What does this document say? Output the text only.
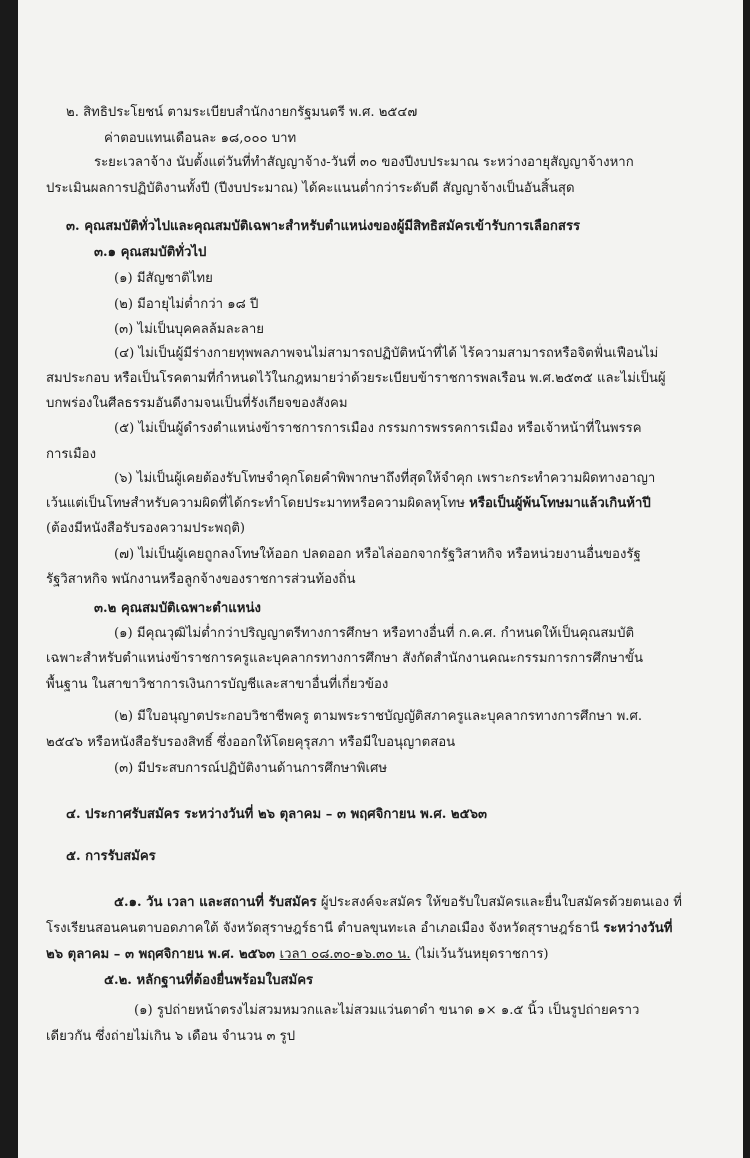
๒. สิทธิประโยชน์ ตามระเบียบสำนักงายกรัฐมนตรี พ.ศ. ๒๕๔๗
ค่าตอบแทนเดือนละ ๑๘,๐๐๐ บาท
ระยะเวลาจ้าง นับตั้งแต่วันที่ทำสัญญาจ้าง-วันที่ ๓๐ ของปีงบประมาณ ระหว่างอายุสัญญาจ้างหาก
ประเมินผลการปฏิบัติงานทั้งปี (ปีงบประมาณ) ได้คะแนนต่ำกว่าระดับดี สัญญาจ้างเป็นอันสิ้นสุด
๓. คุณสมบัติทั่วไปและคุณสมบัติเฉพาะสำหรับตำแหน่งของผู้มีสิทธิสมัครเข้ารับการเลือกสรร
๓.๑ คุณสมบัติทั่วไป
(๑) มีสัญชาติไทย
(๒) มีอายุไม่ต่ำกว่า ๑๘ ปี
(๓) ไม่เป็นบุคคลล้มละลาย
(๔) ไม่เป็นผู้มีร่างกายทุพพลภาพจนไม่สามารถปฏิบัติหน้าที่ได้ ไร้ความสามารถหรือจิตฟั่นเฟือนไม่
สมประกอบ หรือเป็นโรคตามที่กำหนดไว้ในกฎหมายว่าด้วยระเบียบข้าราชการพลเรือน พ.ศ.๒๕๓๕ และไม่เป็นผู้
บกพร่องในศีลธรรมอันดีงามจนเป็นที่รังเกียจของสังคม
(๕) ไม่เป็นผู้ดำรงตำแหน่งข้าราชการการเมือง กรรมการพรรคการเมือง หรือเจ้าหน้าที่ในพรรค
การเมือง
(๖) ไม่เป็นผู้เคยต้องรับโทษจำคุกโดยคำพิพากษาถึงที่สุดให้จำคุก เพราะกระทำความผิดทางอาญา
เว้นแต่เป็นโทษสำหรับความผิดที่ได้กระทำโดยประมาทหรือความผิดลหุโทษ หรือเป็นผู้พ้นโทษมาแล้วเกินห้าปี
(ต้องมีหนังสือรับรองความประพฤติ)
(๗) ไม่เป็นผู้เคยถูกลงโทษให้ออก ปลดออก หรือไล่ออกจากรัฐวิสาหกิจ หรือหน่วยงานอื่นของรัฐ
รัฐวิสาหกิจ พนักงานหรือลูกจ้างของราชการส่วนท้องถิ่น
๓.๒ คุณสมบัติเฉพาะตำแหน่ง
(๑) มีคุณวุฒิไม่ต่ำกว่าปริญญาตรีทางการศึกษา หรือทางอื่นที่ ก.ค.ศ. กำหนดให้เป็นคุณสมบัติ
เฉพาะสำหรับตำแหน่งข้าราชการครูและบุคลากรทางการศึกษา สังกัดสำนักงานคณะกรรมการการศึกษาขั้น
พื้นฐาน ในสาขาวิชาการเงินการบัญชีและสาขาอื่นที่เกี่ยวข้อง
(๒) มีใบอนุญาตประกอบวิชาชีพครู ตามพระราชบัญญัติสภาครูและบุคลากรทางการศึกษา พ.ศ.
๒๕๔๖ หรือหนังสือรับรองสิทธิ์ ซึ่งออกให้โดยคุรุสภา หรือมีใบอนุญาตสอน
(๓) มีประสบการณ์ปฏิบัติงานด้านการศึกษาพิเศษ
๔. ประกาศรับสมัคร ระหว่างวันที่ ๒๖ ตุลาคม – ๓ พฤศจิกายน พ.ศ. ๒๕๖๓
๕. การรับสมัคร
๕.๑. วัน เวลา และสถานที่ รับสมัคร ผู้ประสงค์จะสมัคร ให้ขอรับใบสมัครและยื่นใบสมัครด้วยตนเอง ที่
โรงเรียนสอนคนตาบอดภาคใต้ จังหวัดสุราษฎร์ธานี ตำบลขุนทะเล อำเภอเมือง จังหวัดสุราษฎร์ธานี ระหว่างวันที่
๒๖ ตุลาคม – ๓ พฤศจิกายน พ.ศ. ๒๕๖๓ เวลา ๐๘.๓๐-๑๖.๓๐ น. (ไม่เว้นวันหยุดราชการ)
๕.๒. หลักฐานที่ต้องยื่นพร้อมใบสมัคร
(๑) รูปถ่ายหน้าตรงไม่สวมหมวกและไม่สวมแว่นตาดำ ขนาด ๑× ๑.๕ นิ้ว เป็นรูปถ่ายคราว
เดียวกัน ซึ่งถ่ายไม่เกิน ๖ เดือน จำนวน ๓ รูป
